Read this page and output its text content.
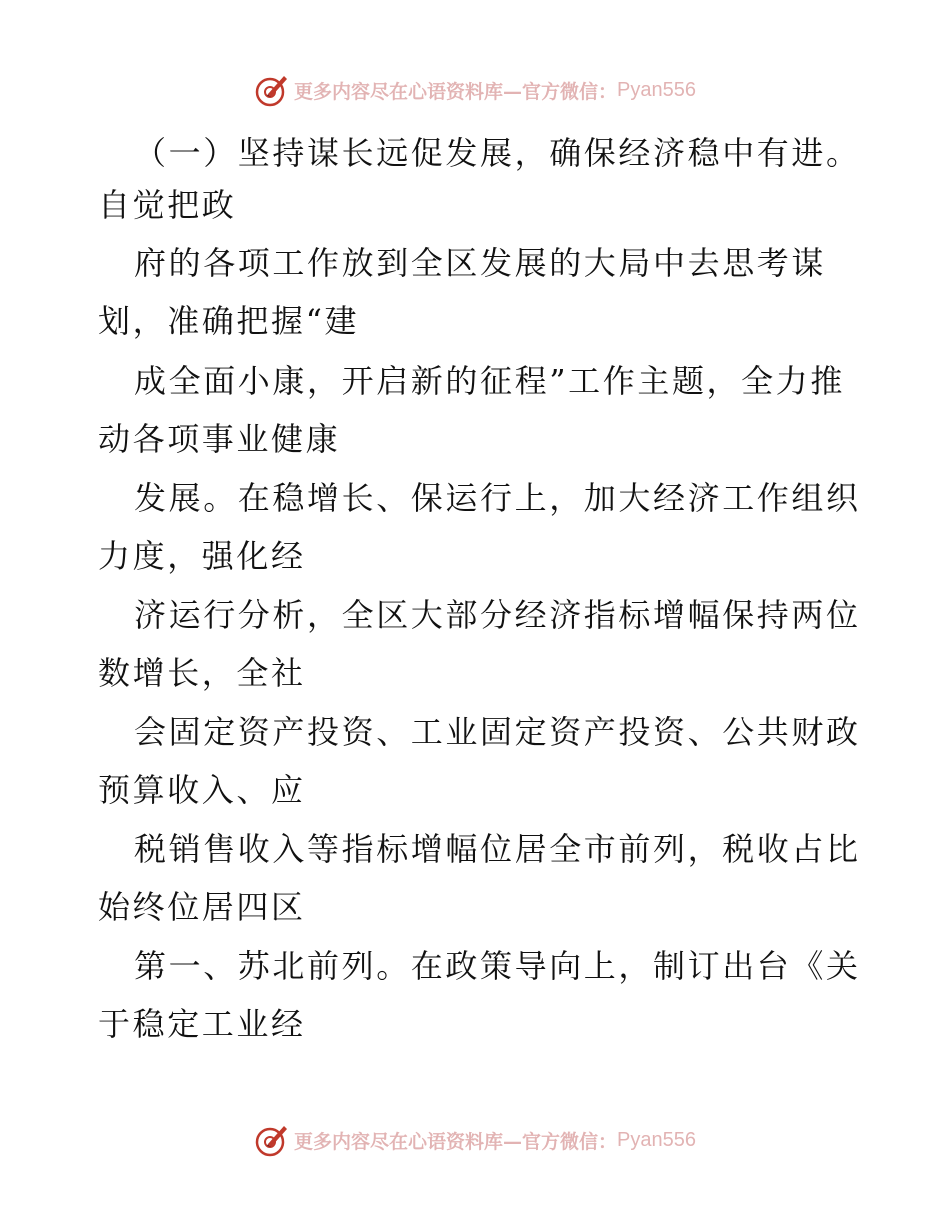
更多内容尽在心语资料库—官方微信： Pyan556
（一）坚持谋长远促发展，确保经济稳中有进。
自觉把政
府的各项工作放到全区发展的大局中去思考谋
划，准确把握“建
成全面小康，开启新的征程”工作主题，全力推
动各项事业健康
发展。在稳增长、保运行上，加大经济工作组织
力度，强化经
济运行分析，全区大部分经济指标增幅保持两位
数增长，全社
会固定资产投资、工业固定资产投资、公共财政
预算收入、应
税销售收入等指标增幅位居全市前列，税收占比
始终位居四区
第一、苏北前列。在政策导向上，制订出台《关
于稳定工业经
更多内容尽在心语资料库—官方微信： Pyan556
